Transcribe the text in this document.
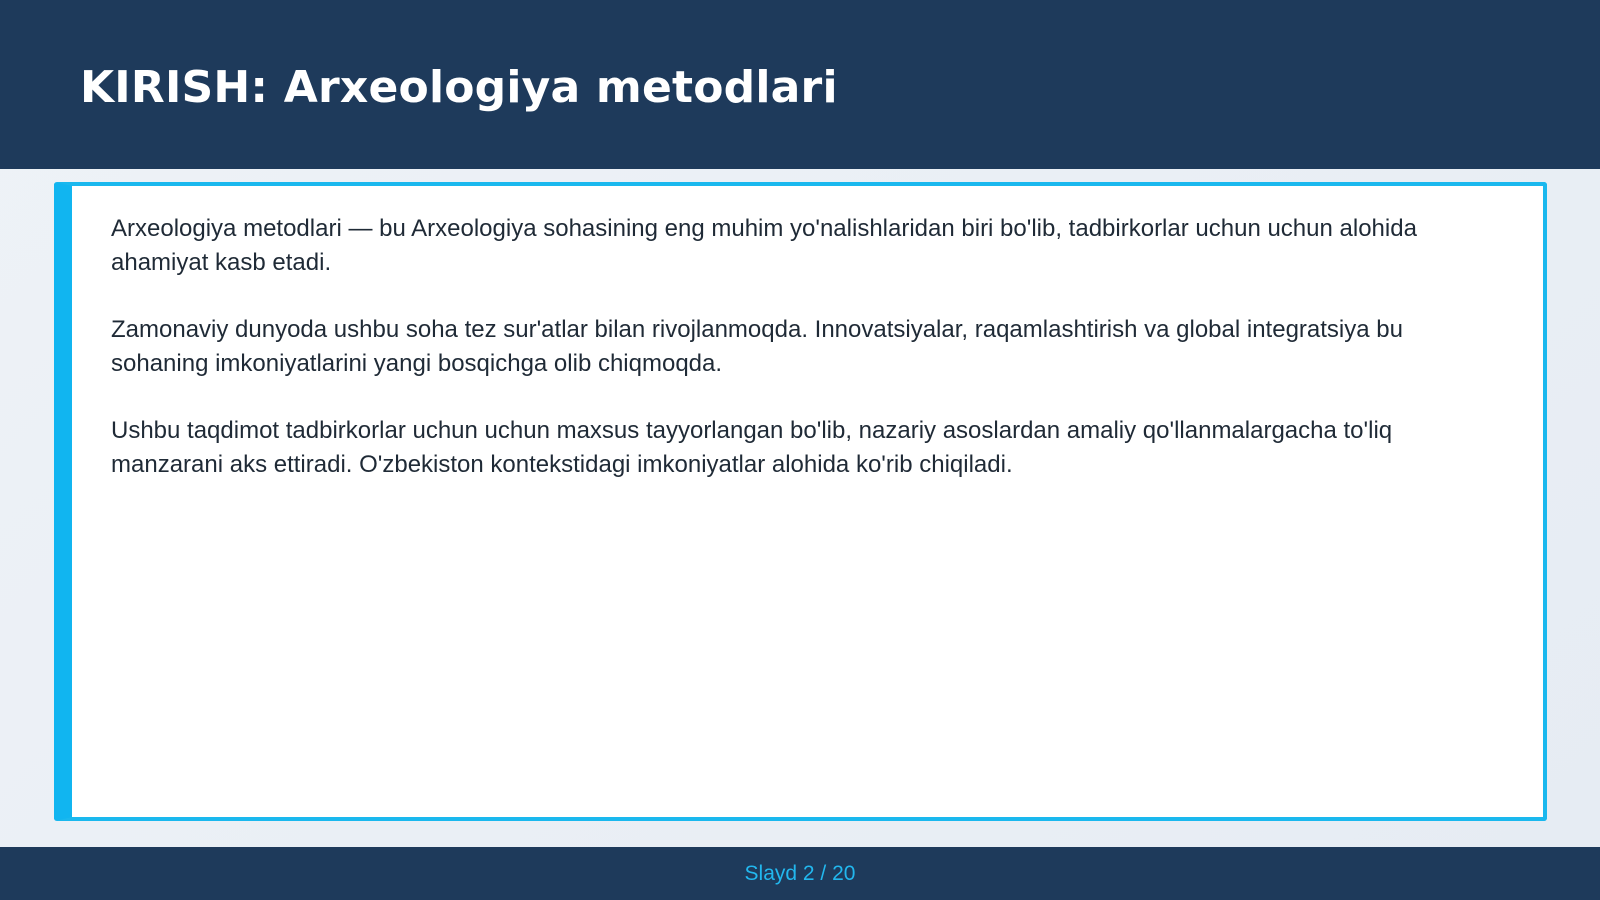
KIRISH: Arxeologiya metodlari

Arxeologiya metodlari — bu Arxeologiya sohasining eng muhim yo'nalishlaridan biri bo'lib, tadbirkorlar uchun uchun alohida ahamiyat kasb etadi.

Zamonaviy dunyoda ushbu soha tez sur'atlar bilan rivojlanmoqda. Innovatsiyalar, raqamlashtirish va global integratsiya bu sohaning imkoniyatlarini yangi bosqichga olib chiqmoqda.

Ushbu taqdimot tadbirkorlar uchun uchun maxsus tayyorlangan bo'lib, nazariy asoslardan amaliy qo'llanmalargacha to'liq manzarani aks ettiradi. O'zbekiston kontekstidagi imkoniyatlar alohida ko'rib chiqiladi.

Slayd 2 / 20
